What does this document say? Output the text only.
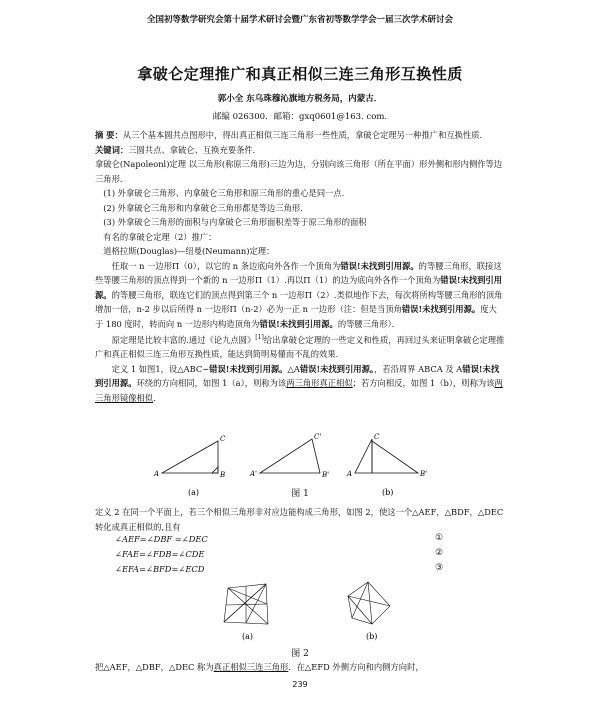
全国初等数学研究会第十届学术研讨会暨广东省初等数学学会一届三次学术研讨会
拿破仑定理推广和真正相似三连三角形互换性质
郭小全 东乌珠穆沁旗地方税务局，内蒙古．
邮编 026300．邮箱：gxq0601@163. com.

摘 要：从三个基本圆共点图形中，得出真正相似三连三角形一些性质，拿破仑定理另一种推广和互换性质．

关键词：三圆共点、拿破仑、互换充要条件．

拿破仑(Napoleonl)定理 以三角形(称原三角形)三边为边，分别向该三角形（所在平面）形外侧和形内侧作等边三角形．

(1) 外拿破仑三角形、内拿破仑三角形和原三角形的重心是同一点．

(2) 外拿破仑三角形和内拿破仑三角形都是等边三角形．

(3) 外拿破仑三角形的面积与内拿破仑三角形面积差等于原三角形的面积

有名的拿破仑定理（2）推广：

道格拉斯(Douglas)—纽曼(Neumann)定理：

任取一 n 一边形Π（0），以它的 n 条边底向外各作一个顶角为错误!未找到引用源。的等腰三角形，联接这些等腰三角形的顶点得到一个新的 n 一边形Π（1）.再以Π（1）的边为底向外各作一个顶角为错误!未找到引用源。的等腰三角形，联连它们的顶点得到第三个 n 一边形Π（2）.类似地作下去，每次将所构等腰三角形的顶角增加一倍，n-2 步以后所得 n 一边形Π（n-2）必为一正 n 一边形（注：但是当顶角错误!未找到引用源。度大于 180 度时，转而向 n 一边形内构造顶角为错误!未找到引用源。的等腰三角形）．

原定理是比较丰富的.通过《论九点圆》[1]给出拿破仑定理的一些定义和性质，再回过头来证明拿破仑定理推广和真正相似三连三角形互换性质，能达到简明易懂而不乱的效果．

定义 1 如图1，设△ABC∽错误!未找到引用源。△A错误!未找到引用源。，若沿周界 ABCA 及 A错误!未找到引用源。环绕的方向相同，如图 1（a），则称为该两三角形真正相似；若方向相反，如图 1（b），则称为该两三角形镜像相似．

A	B
C
A'	B'
C'
A
C
B'
(a)	(b)
图 1
定义 2 在同一个平面上，若三个相似三角形非对应边能构成三角形，如图 2，使这一个△AEF，△BDF，△DEC 转化成真正相似的,且有
∠AEF=∠DBF =∠DEC
∠FAE=∠FDB=∠CDE
∠EFA=∠BFD=∠ECD
①
②
③
(a)	(b)
图 2
把△AEF，△DBF，△DEC 称为真正相似三连三角形．在△EFD 外侧方向和内侧方向时，
239
